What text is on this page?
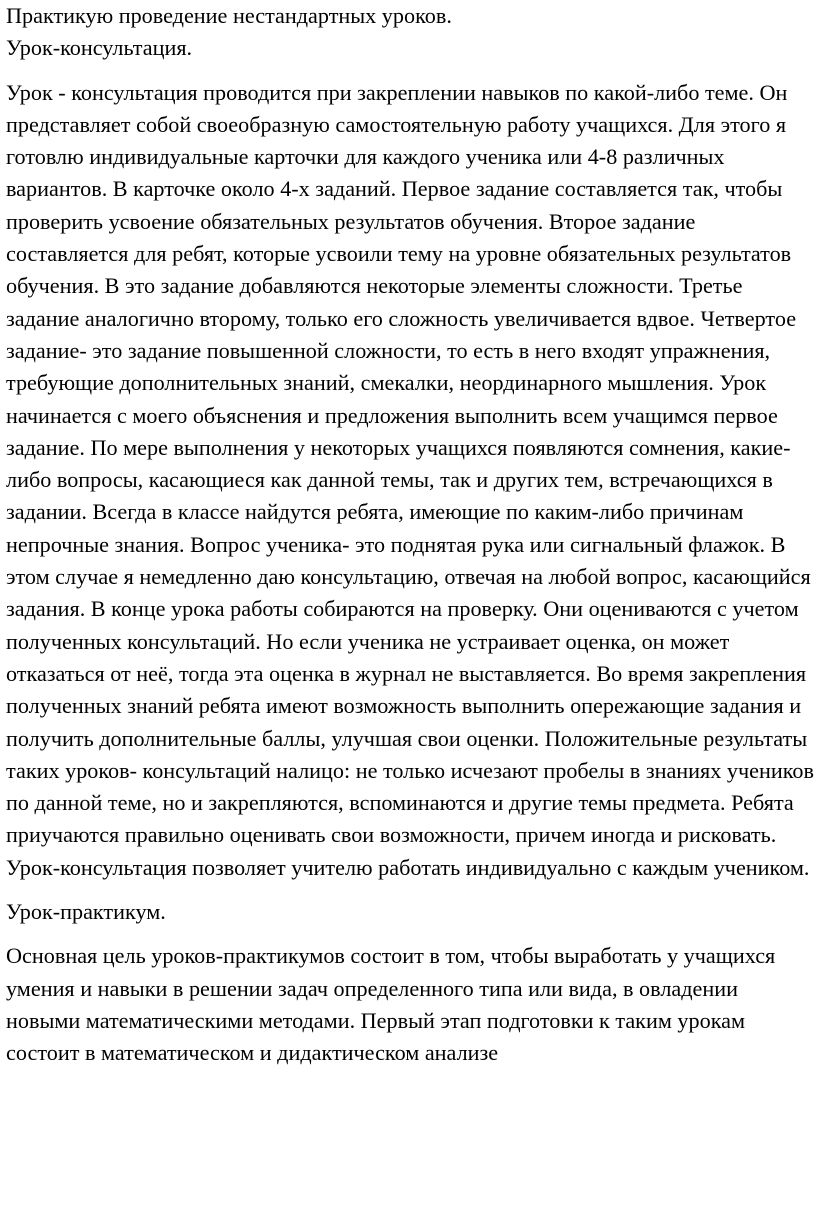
Практикую проведение нестандартных уроков.

Урок-консультация.

Урок - консультация проводится при закреплении навыков по какой-либо теме. Он представляет собой своеобразную самостоятельную работу учащихся. Для этого я готовлю индивидуальные карточки для каждого ученика или 4-8 различных вариантов. В карточке около 4-х заданий. Первое задание составляется так, чтобы проверить усвоение обязательных результатов обучения. Второе задание составляется для ребят, которые усвоили тему на уровне обязательных результатов обучения. В это задание добавляются некоторые элементы сложности. Третье задание аналогично второму, только его сложность увеличивается вдвое. Четвертое задание- это задание повышенной сложности, то есть в него входят упражнения, требующие дополнительных знаний, смекалки, неординарного мышления. Урок начинается с моего объяснения и предложения выполнить всем учащимся первое задание. По мере выполнения у некоторых учащихся появляются сомнения, какие-либо вопросы, касающиеся как данной темы, так и других тем, встречающихся в задании. Всегда в классе найдутся ребята, имеющие по каким-либо причинам непрочные знания. Вопрос ученика- это поднятая рука или сигнальный флажок. В этом случае я немедленно даю консультацию, отвечая на любой вопрос, касающийся задания. В конце урока работы собираются на проверку. Они оцениваются с учетом полученных консультаций. Но если ученика не устраивает оценка, он может отказаться от неё, тогда эта оценка в журнал не выставляется. Во время закрепления полученных знаний ребята имеют возможность выполнить опережающие задания и получить дополнительные баллы, улучшая свои оценки. Положительные результаты таких уроков- консультаций налицо: не только исчезают пробелы в знаниях учеников по данной теме, но и закрепляются, вспоминаются и другие темы предмета. Ребята приучаются правильно оценивать свои возможности, причем иногда и рисковать. Урок-консультация позволяет учителю работать индивидуально с каждым учеником.

Урок-практикум.

Основная цель уроков-практикумов состоит в том, чтобы выработать у учащихся умения и навыки в решении задач определенного типа или вида, в овладении новыми математическими методами. Первый этап подготовки к таким урокам состоит в математическом и дидактическом анализе
